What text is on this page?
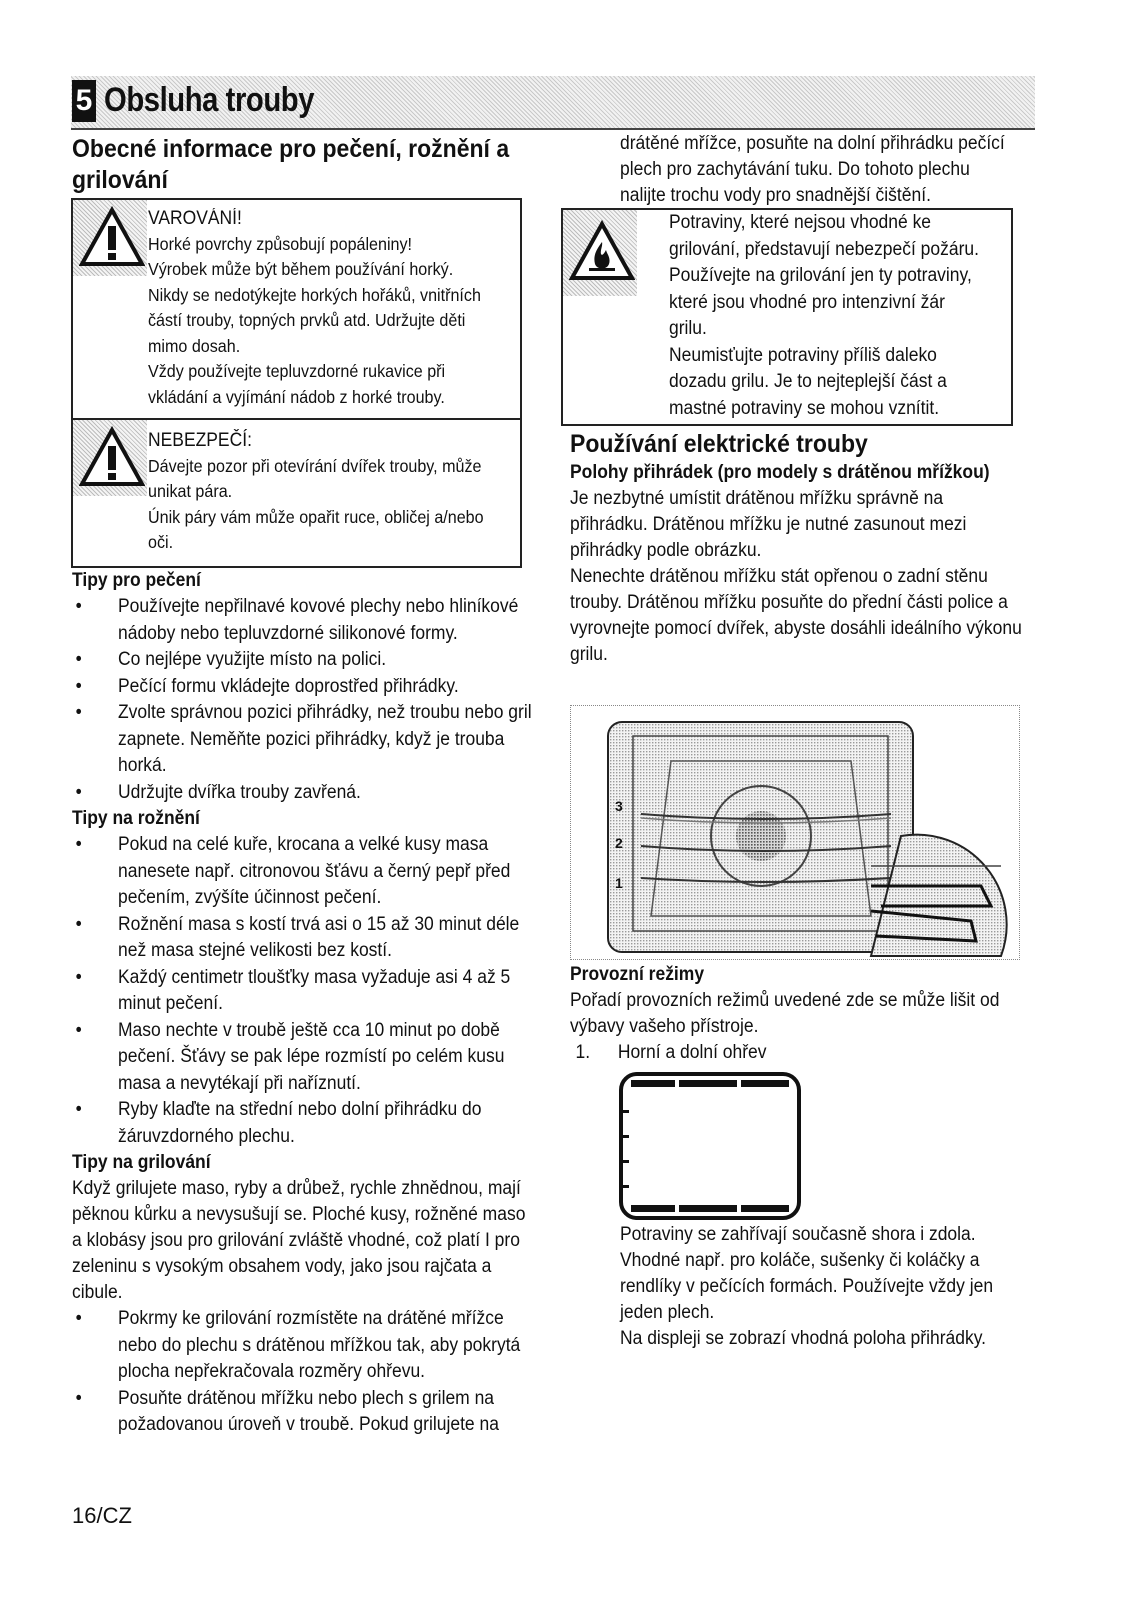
5 Obsluha trouby
Obecné informace pro pečení, rožnění a grilování
VAROVÁNÍ!
Horké povrchy způsobují popáleniny!
Výrobek může být během používání horký.
Nikdy se nedotýkejte horkých hořáků, vnitřních
částí trouby, topných prvků atd. Udržujte děti
mimo dosah.
Vždy používejte tepluvzdorné rukavice při
vkládání a vyjímání nádob z horké trouby.
NEBEZPEČÍ:
Dávejte pozor při otevírání dvířek trouby, může
unikat pára.
Únik páry vám může opařit ruce, obličej a/nebo
oči.
Tipy pro pečení
• Používejte nepřilnavé kovové plechy nebo hliníkové nádoby nebo tepluvzdorné silikonové formy.
• Co nejlépe využijte místo na polici.
• Pečící formu vkládejte doprostřed přihrádky.
• Zvolte správnou pozici přihrádky, než troubu nebo gril zapnete. Neměňte pozici přihrádky, když je trouba horká.
• Udržujte dvířka trouby zavřená.
Tipy na rožnění
• Pokud na celé kuře, krocana a velké kusy masa nanesete např. citronovou šťávu a černý pepř před pečením, zvýšíte účinnost pečení.
• Rožnění masa s kostí trvá asi o 15 až 30 minut déle než masa stejné velikosti bez kostí.
• Každý centimetr tloušťky masa vyžaduje asi 4 až 5 minut pečení.
• Maso nechte v troubě ještě cca 10 minut po době pečení. Šťávy se pak lépe rozmístí po celém kusu masa a nevytékají při naříznutí.
• Ryby klaďte na střední nebo dolní přihrádku do žáruvzdorného plechu.
Tipy na grilování
Když grilujete maso, ryby a drůbež, rychle zhnědnou, mají pěknou kůrku a nevysušují se. Ploché kusy, rožněné maso a klobásy jsou pro grilování zvláště vhodné, což platí I pro zeleninu s vysokým obsahem vody, jako jsou rajčata a cibule.
• Pokrmy ke grilování rozmístěte na drátěné mřížce nebo do plechu s drátěnou mřížkou tak, aby pokrytá plocha nepřekračovala rozměry ohřevu.
• Posuňte drátěnou mřížku nebo plech s grilem na požadovanou úroveň v troubě. Pokud grilujete na
drátěné mřížce, posuňte na dolní přihrádku pečící plech pro zachytávání tuku. Do tohoto plechu nalijte trochu vody pro snadnější čištění.
Potraviny, které nejsou vhodné ke
grilování, představují nebezpečí požáru.
Používejte na grilování jen ty potraviny,
které jsou vhodné pro intenzivní žár
grilu.
Neumisťujte potraviny příliš daleko
dozadu grilu. Je to nejteplejší část a
mastné potraviny se mohou vznítit.
Používání elektrické trouby
Polohy přihrádek (pro modely s drátěnou mřížkou)
Je nezbytné umístit drátěnou mřížku správně na přihrádku. Drátěnou mřížku je nutné zasunout mezi přihrádky podle obrázku.
Nenechte drátěnou mřížku stát opřenou o zadní stěnu trouby. Drátěnou mřížku posuňte do přední části police a vyrovnejte pomocí dvířek, abyste dosáhli ideálního výkonu grilu.
3
2
1
Provozní režimy
Pořadí provozních režimů uvedené zde se může lišit od výbavy vašeho přístroje.
1. Horní a dolní ohřev
Potraviny se zahřívají současně shora i zdola. Vhodné např. pro koláče, sušenky či koláčky a rendlíky v pečících formách. Používejte vždy jen jeden plech.
Na displeji se zobrazí vhodná poloha přihrádky.
16/CZ
